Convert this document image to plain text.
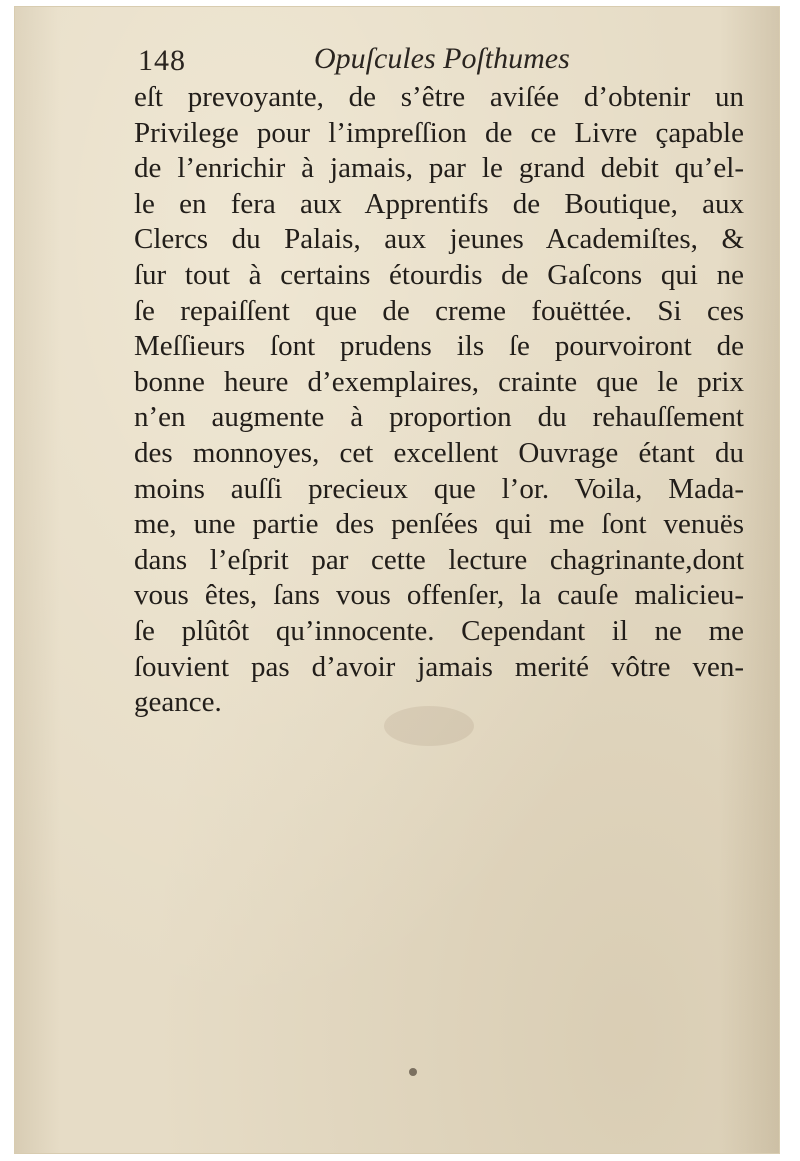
148	Opuſcules Poſthumes
eſt prevoyante, de s’être aviſée d’obtenir un
Privilege pour l’impreſſion de ce Livre çapable
de l’enrichir à jamais, par le grand debit qu’el-
le en fera aux Apprentifs de Boutique, aux
Clercs du Palais, aux jeunes Academiſtes, &
ſur tout à certains étourdis de Gaſcons qui ne
ſe repaiſſent que de creme fouëttée. Si ces
Meſſieurs ſont prudens ils ſe pourvoiront de
bonne heure d’exemplaires, crainte que le prix
n’en augmente à proportion du rehauſſement
des monnoyes, cet excellent Ouvrage étant du
moins auſſi precieux que l’or. Voila, Mada-
me, une partie des penſées qui me ſont venuës
dans l’eſprit par cette lecture chagrinante,dont
vous êtes, ſans vous offenſer, la cauſe malicieu-
ſe plûtôt qu’innocente. Cependant il ne me
ſouvient pas d’avoir jamais merité vôtre ven-
geance.
